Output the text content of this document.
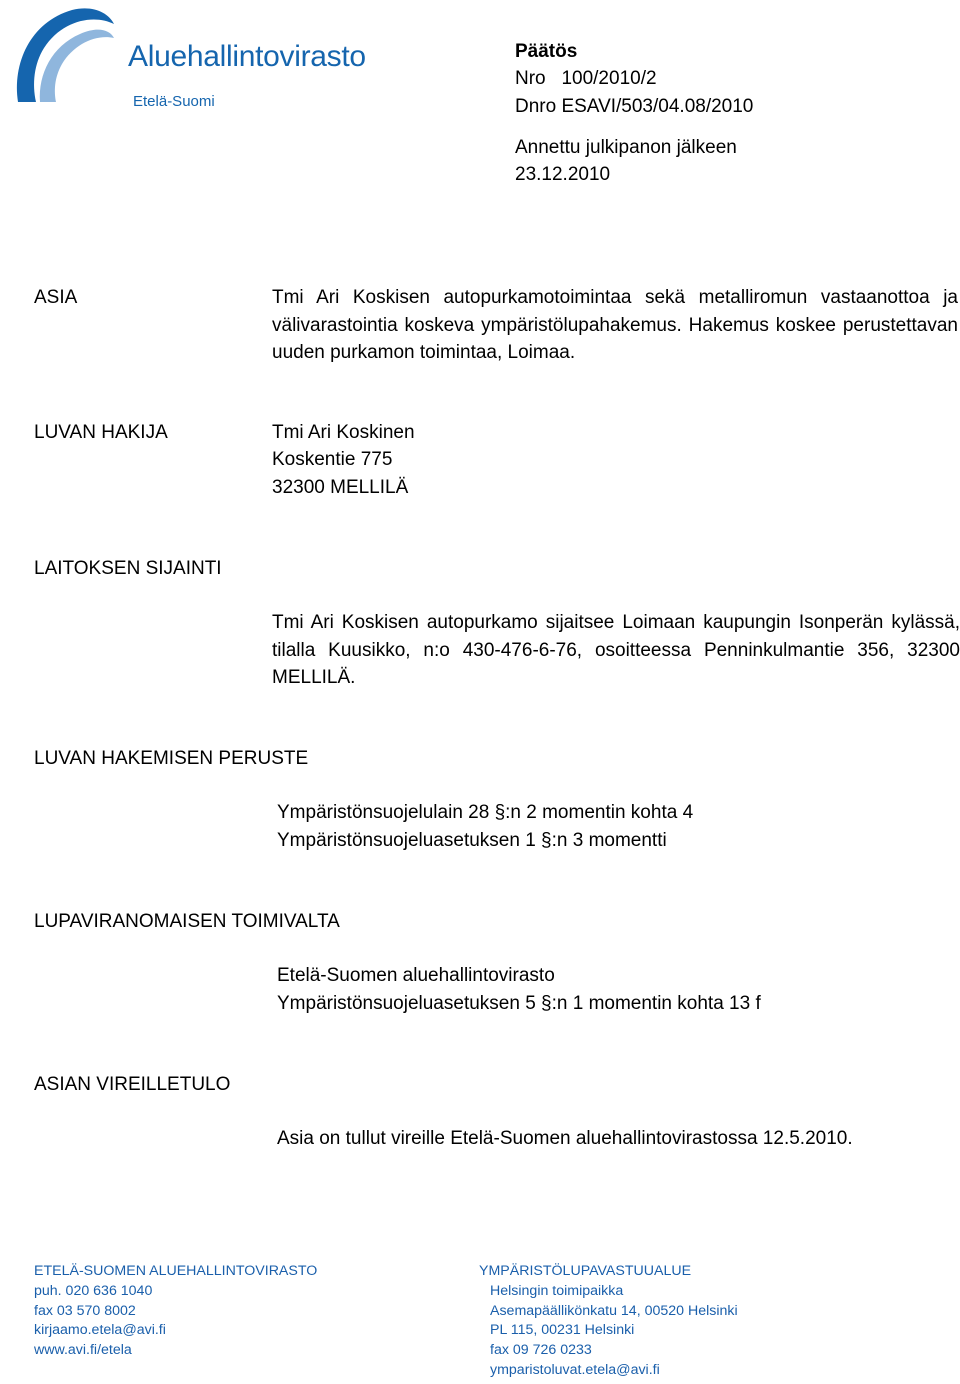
Aluehallintovirasto
Etelä-Suomi
Päätös
Nro   100/2010/2
Dnro ESAVI/503/04.08/2010
Annettu julkipanon jälkeen
23.12.2010
ASIA	Tmi Ari Koskisen autopurkamotoimintaa sekä metalliromun vastaanottoa ja välivarastointia koskeva ympäristölupahakemus. Hakemus koskee perustettavan uuden purkamon toimintaa, Loimaa.
LUVAN HAKIJA	Tmi Ari Koskinen
Koskentie 775
32300 MELLILÄ
LAITOKSEN SIJAINTI
Tmi Ari Koskisen autopurkamo sijaitsee Loimaan kaupungin Isonperän kylässä, tilalla Kuusikko, n:o 430-476-6-76, osoitteessa Penninkulmantie 356, 32300 MELLILÄ.
LUVAN HAKEMISEN PERUSTE
Ympäristönsuojelulain 28 §:n 2 momentin kohta 4
Ympäristönsuojeluasetuksen 1 §:n 3 momentti
LUPAVIRANOMAISEN TOIMIVALTA
Etelä-Suomen aluehallintovirasto
Ympäristönsuojeluasetuksen 5 §:n 1 momentin kohta 13 f
ASIAN VIREILLETULO
Asia on tullut vireille Etelä-Suomen aluehallintovirastossa 12.5.2010.
ETELÄ-SUOMEN ALUEHALLINTOVIRASTO
puh. 020 636 1040
fax 03 570 8002
kirjaamo.etela@avi.fi
www.avi.fi/etela
YMPÄRISTÖLUPAVASTUUALUE
Helsingin toimipaikka
Asemapäällikönkatu 14, 00520 Helsinki
PL 115, 00231 Helsinki
fax 09 726 0233
ymparistoluvat.etela@avi.fi
